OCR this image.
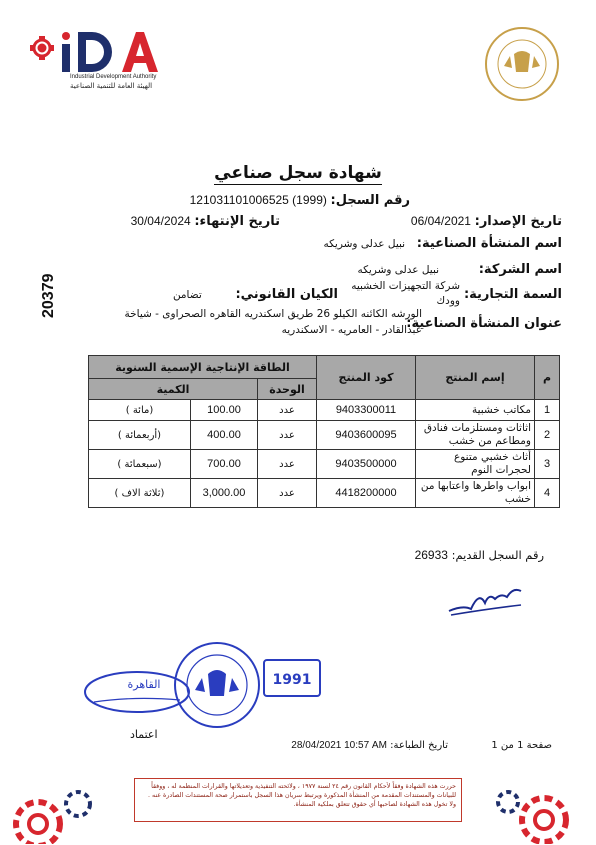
Industrial Development Authority
الهيئة العامة للتنمية الصناعية
شهادة سجل صناعي
20379
رقم السجل: 12103110100652‎5 (1999)
تاريخ الإصدار: 06/04/2021
تاريخ الإنتهاء: 30/04/2024
اسم المنشأة الصناعية: نبيل عدلى وشريكه
اسم الشركة: نبيل عدلى وشريكه
السمة التجارية:
شركة التجهيزات الخشبيه
وودك
الكيان القانوني: تضامن
عنوان المنشأة الصناعية:
الورشه الكائنه الكيلو 26 طريق اسكندريه القاهره الصحراوى - شياخة
عبدالقادر - العامريه - الاسكندريه
م	إسم المنتج	كود المنتج	الطاقة الإنتاجية الإسمية السنوية		
			الوحدة	الكمية	
1	مكاتب خشبية	9403300011	عدد	100.00	(مائة )
2	اثاثات ومستلزمات فنادق ومطاعم من خشب	9403600095	عدد	400.00	(أربعمائة )
3	أثاث خشبي متنوع لحجرات النوم	9403500000	عدد	700.00	(سبعمائة )
4	ابواب واطرها واعتابها من خشب	4418200000	عدد	3,000.00	(ثلاثة الاف )
رقم السجل القديم: 26933
القاهرة	1991
اعتماد
تاريخ الطباعة: 28/04/2021 10:57 AM	صفحة 1 من 1
حررت هذه الشهادة وفقاً لأحكام القانون رقم ٢٤ لسنة ١٩٧٧ ، ولائحته التنفيذية وتعديلاتها والقرارات المنظمة له ، ووفقاً للبيانات والمستندات المقدمة من المنشأة المذكورة ويرتبط سريان هذا السجل باستمرار صحة المستندات الصادرة عنه . ولا تخول هذه الشهادة لصاحبها أي حقوق تتعلق بملكية المنشأة.
